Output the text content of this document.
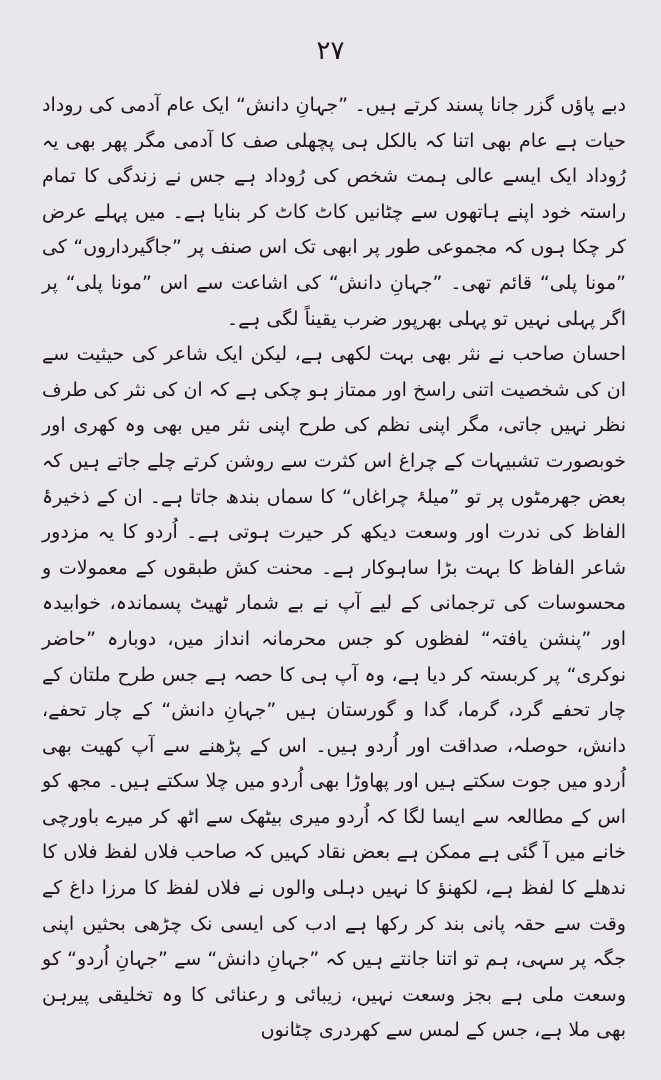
۲۷

دبے پاؤں گزر جانا پسند کرتے ہیں۔ ”جہانِ دانش“ ایک عام آدمی کی روداد حیات ہے عام بھی اتنا کہ بالکل ہی پچھلی صف کا آدمی مگر پھر بھی یہ رُوداد ایک ایسے عالی ہمت شخص کی رُوداد ہے جس نے زندگی کا تمام راستہ خود اپنے ہاتھوں سے چٹانیں کاٹ کاٹ کر بنایا ہے۔ میں پہلے عرض کر چکا ہوں کہ مجموعی طور پر ابھی تک اس صنف پر ”جاگیرداروں“ کی ”مونا پلی“ قائم تھی۔ ”جہانِ دانش“ کی اشاعت سے اس ”مونا پلی“ پر اگر پہلی نہیں تو پہلی بھرپور ضرب یقیناً لگی ہے۔

احسان صاحب نے نثر بھی بہت لکھی ہے، لیکن ایک شاعر کی حیثیت سے ان کی شخصیت اتنی راسخ اور ممتاز ہو چکی ہے کہ ان کی نثر کی طرف نظر نہیں جاتی، مگر اپنی نظم کی طرح اپنی نثر میں بھی وہ کھری اور خوبصورت تشبیہات کے چراغ اس کثرت سے روشن کرتے چلے جاتے ہیں کہ بعض جھرمٹوں پر تو ”میلۂ چراغاں“ کا سماں بندھ جاتا ہے۔ ان کے ذخیرۂ الفاظ کی ندرت اور وسعت دیکھ کر حیرت ہوتی ہے۔ اُردو کا یہ مزدور شاعر الفاظ کا بہت بڑا ساہوکار ہے۔ محنت کش طبقوں کے معمولات و محسوسات کی ترجمانی کے لیے آپ نے بے شمار ٹھیٹ پسماندہ، خوابیدہ اور ”پنشن یافتہ“ لفظوں کو جس محرمانہ انداز میں، دوبارہ ”حاضر نوکری“ پر کربستہ کر دیا ہے، وہ آپ ہی کا حصہ ہے جس طرح ملتان کے چار تحفے گرد، گرما، گدا و گورستان ہیں ”جہانِ دانش“ کے چار تحفے، دانش، حوصلہ، صداقت اور اُردو ہیں۔ اس کے پڑھنے سے آپ کھیت بھی اُردو میں جوت سکتے ہیں اور پھاوڑا بھی اُردو میں چلا سکتے ہیں۔ مجھ کو اس کے مطالعہ سے ایسا لگا کہ اُردو میری بیٹھک سے اٹھ کر میرے باورچی خانے میں آ گئی ہے ممکن ہے بعض نقاد کہیں کہ صاحب فلاں لفظ فلاں کا ندھلے کا لفظ ہے، لکھنؤ کا نہیں دہلی والوں نے فلاں لفظ کا مرزا داغ کے وقت سے حقہ پانی بند کر رکھا ہے ادب کی ایسی نک چڑھی بحثیں اپنی جگہ پر سہی، ہم تو اتنا جانتے ہیں کہ ”جہانِ دانش“ سے ”جہانِ اُردو“ کو وسعت ملی ہے بجز وسعت نہیں، زیبائی و رعنائی کا وہ تخلیقی پیرہن بھی ملا ہے، جس کے لمس سے کھردری چٹانوں
